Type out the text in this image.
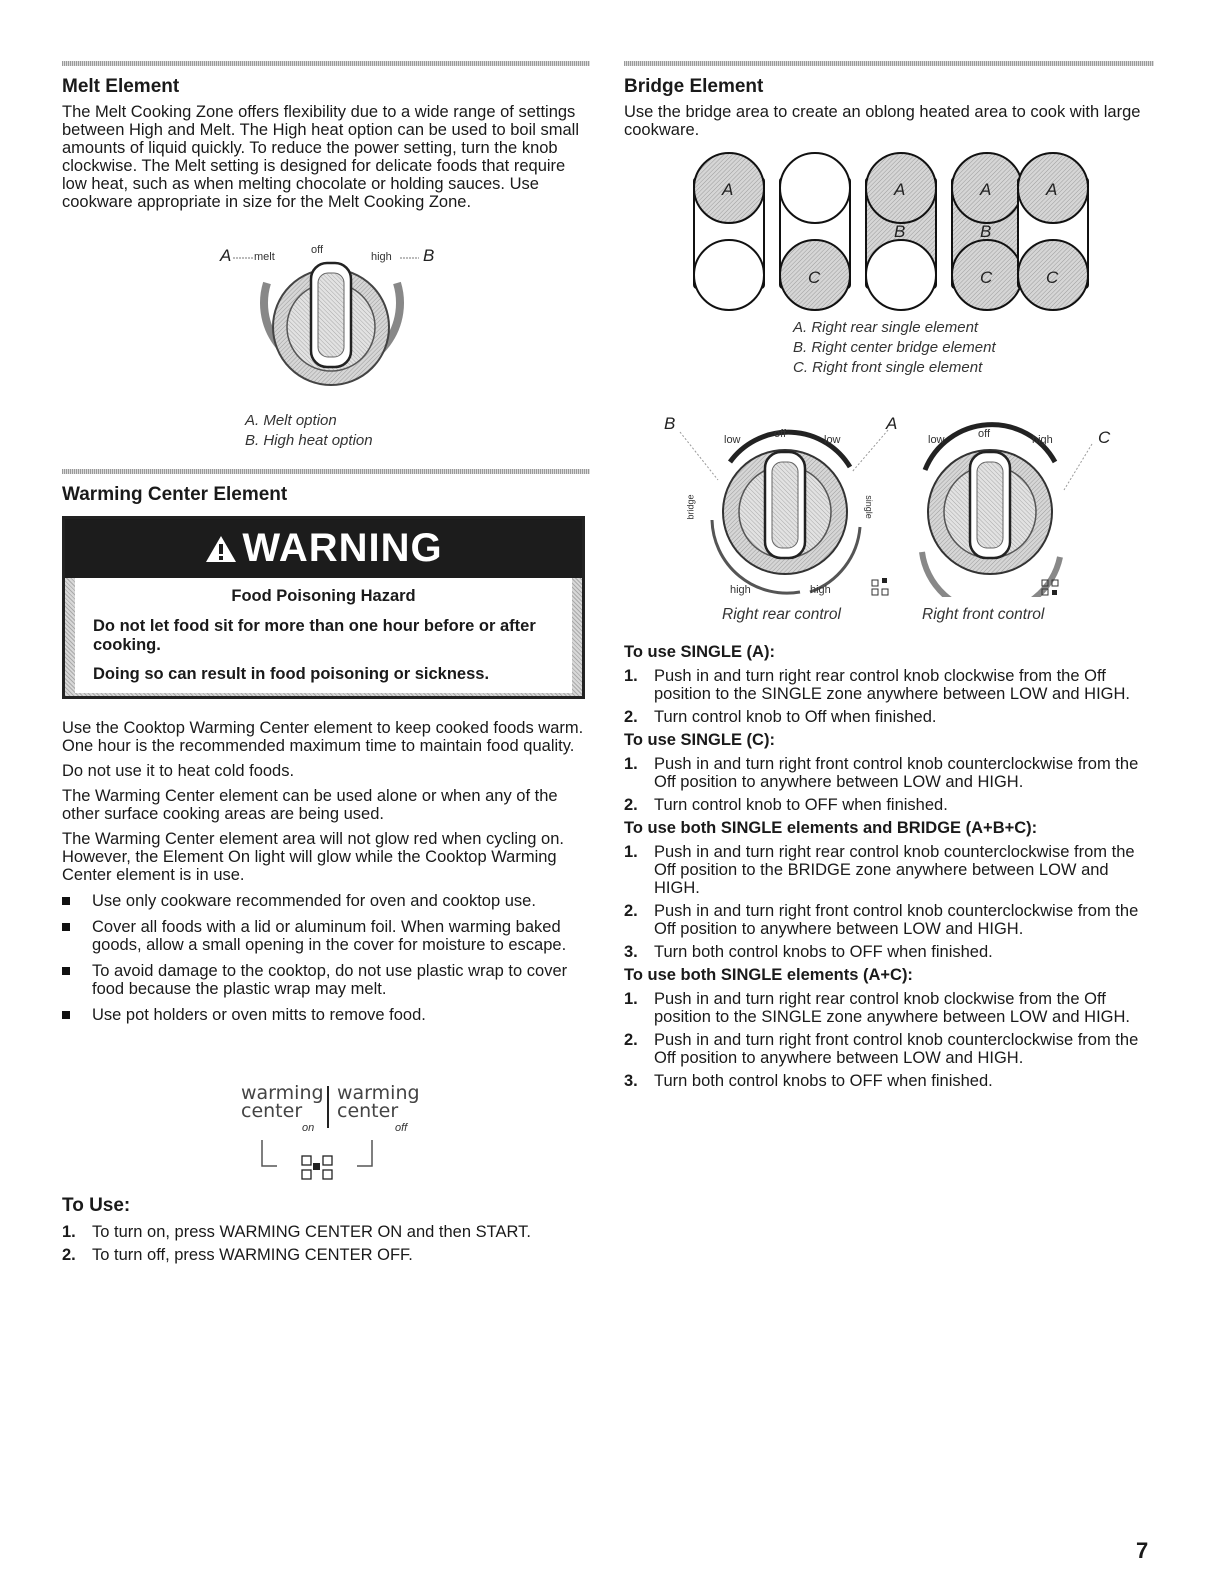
Melt Element

The Melt Cooking Zone offers flexibility due to a wide range of settings between High and Melt. The High heat option can be used to boil small amounts of liquid quickly. To reduce the power setting, turn the knob clockwise. The Melt setting is designed for delicate foods that require low heat, such as when melting chocolate or holding sauces. Use cookware appropriate in size for the Melt Cooking Zone.

A melt
off
high B
A. Melt option
B. High heat option
Warming Center Element
WARNING
Food Poisoning Hazard
Do not let food sit for more than one hour before or after cooking.
Doing so can result in food poisoning or sickness.

Use the Cooktop Warming Center element to keep cooked foods warm. One hour is the recommended maximum time to maintain food quality.

Do not use it to heat cold foods.

The Warming Center element can be used alone or when any of the other surface cooking areas are being used.

The Warming Center element area will not glow red when cycling on. However, the Element On light will glow while the Cooktop Warming Center element is in use.

Use only cookware recommended for oven and cooktop use.
Cover all foods with a lid or aluminum foil. When warming baked goods, allow a small opening in the cover for moisture to escape.
To avoid damage to the cooktop, do not use plastic wrap to cover food because the plastic wrap may melt.
Use pot holders or oven mitts to remove food.
warming
center
warming
center
on	off
To Use:
1. To turn on, press WARMING CENTER ON and then START.
2. To turn off, press WARMING CENTER OFF.
Bridge Element

Use the bridge area to create an oblong heated area to cook with large cookware.

A
C
A
B
A
B
C
A
C
A. Right rear single element
B. Right center bridge element
C. Right front single element
B
low	off	low
A
low	off	high	C
bridge	single
high	high
Right rear control	Right front control
To use SINGLE (A):
1. Push in and turn right rear control knob clockwise from the Off position to the SINGLE zone anywhere between LOW and HIGH.
2. Turn control knob to Off when finished.
To use SINGLE (C):
1. Push in and turn right front control knob counterclockwise from the Off position to anywhere between LOW and HIGH.
2. Turn control knob to OFF when finished.
To use both SINGLE elements and BRIDGE (A+B+C):
1. Push in and turn right rear control knob counterclockwise from the Off position to the BRIDGE zone anywhere between LOW and HIGH.
2. Push in and turn right front control knob counterclockwise from the Off position to anywhere between LOW and HIGH.
3. Turn both control knobs to OFF when finished.
To use both SINGLE elements (A+C):
1. Push in and turn right rear control knob clockwise from the Off position to the SINGLE zone anywhere between LOW and HIGH.
2. Push in and turn right front control knob counterclockwise from the Off position to anywhere between LOW and HIGH.
3. Turn both control knobs to OFF when finished.
7
